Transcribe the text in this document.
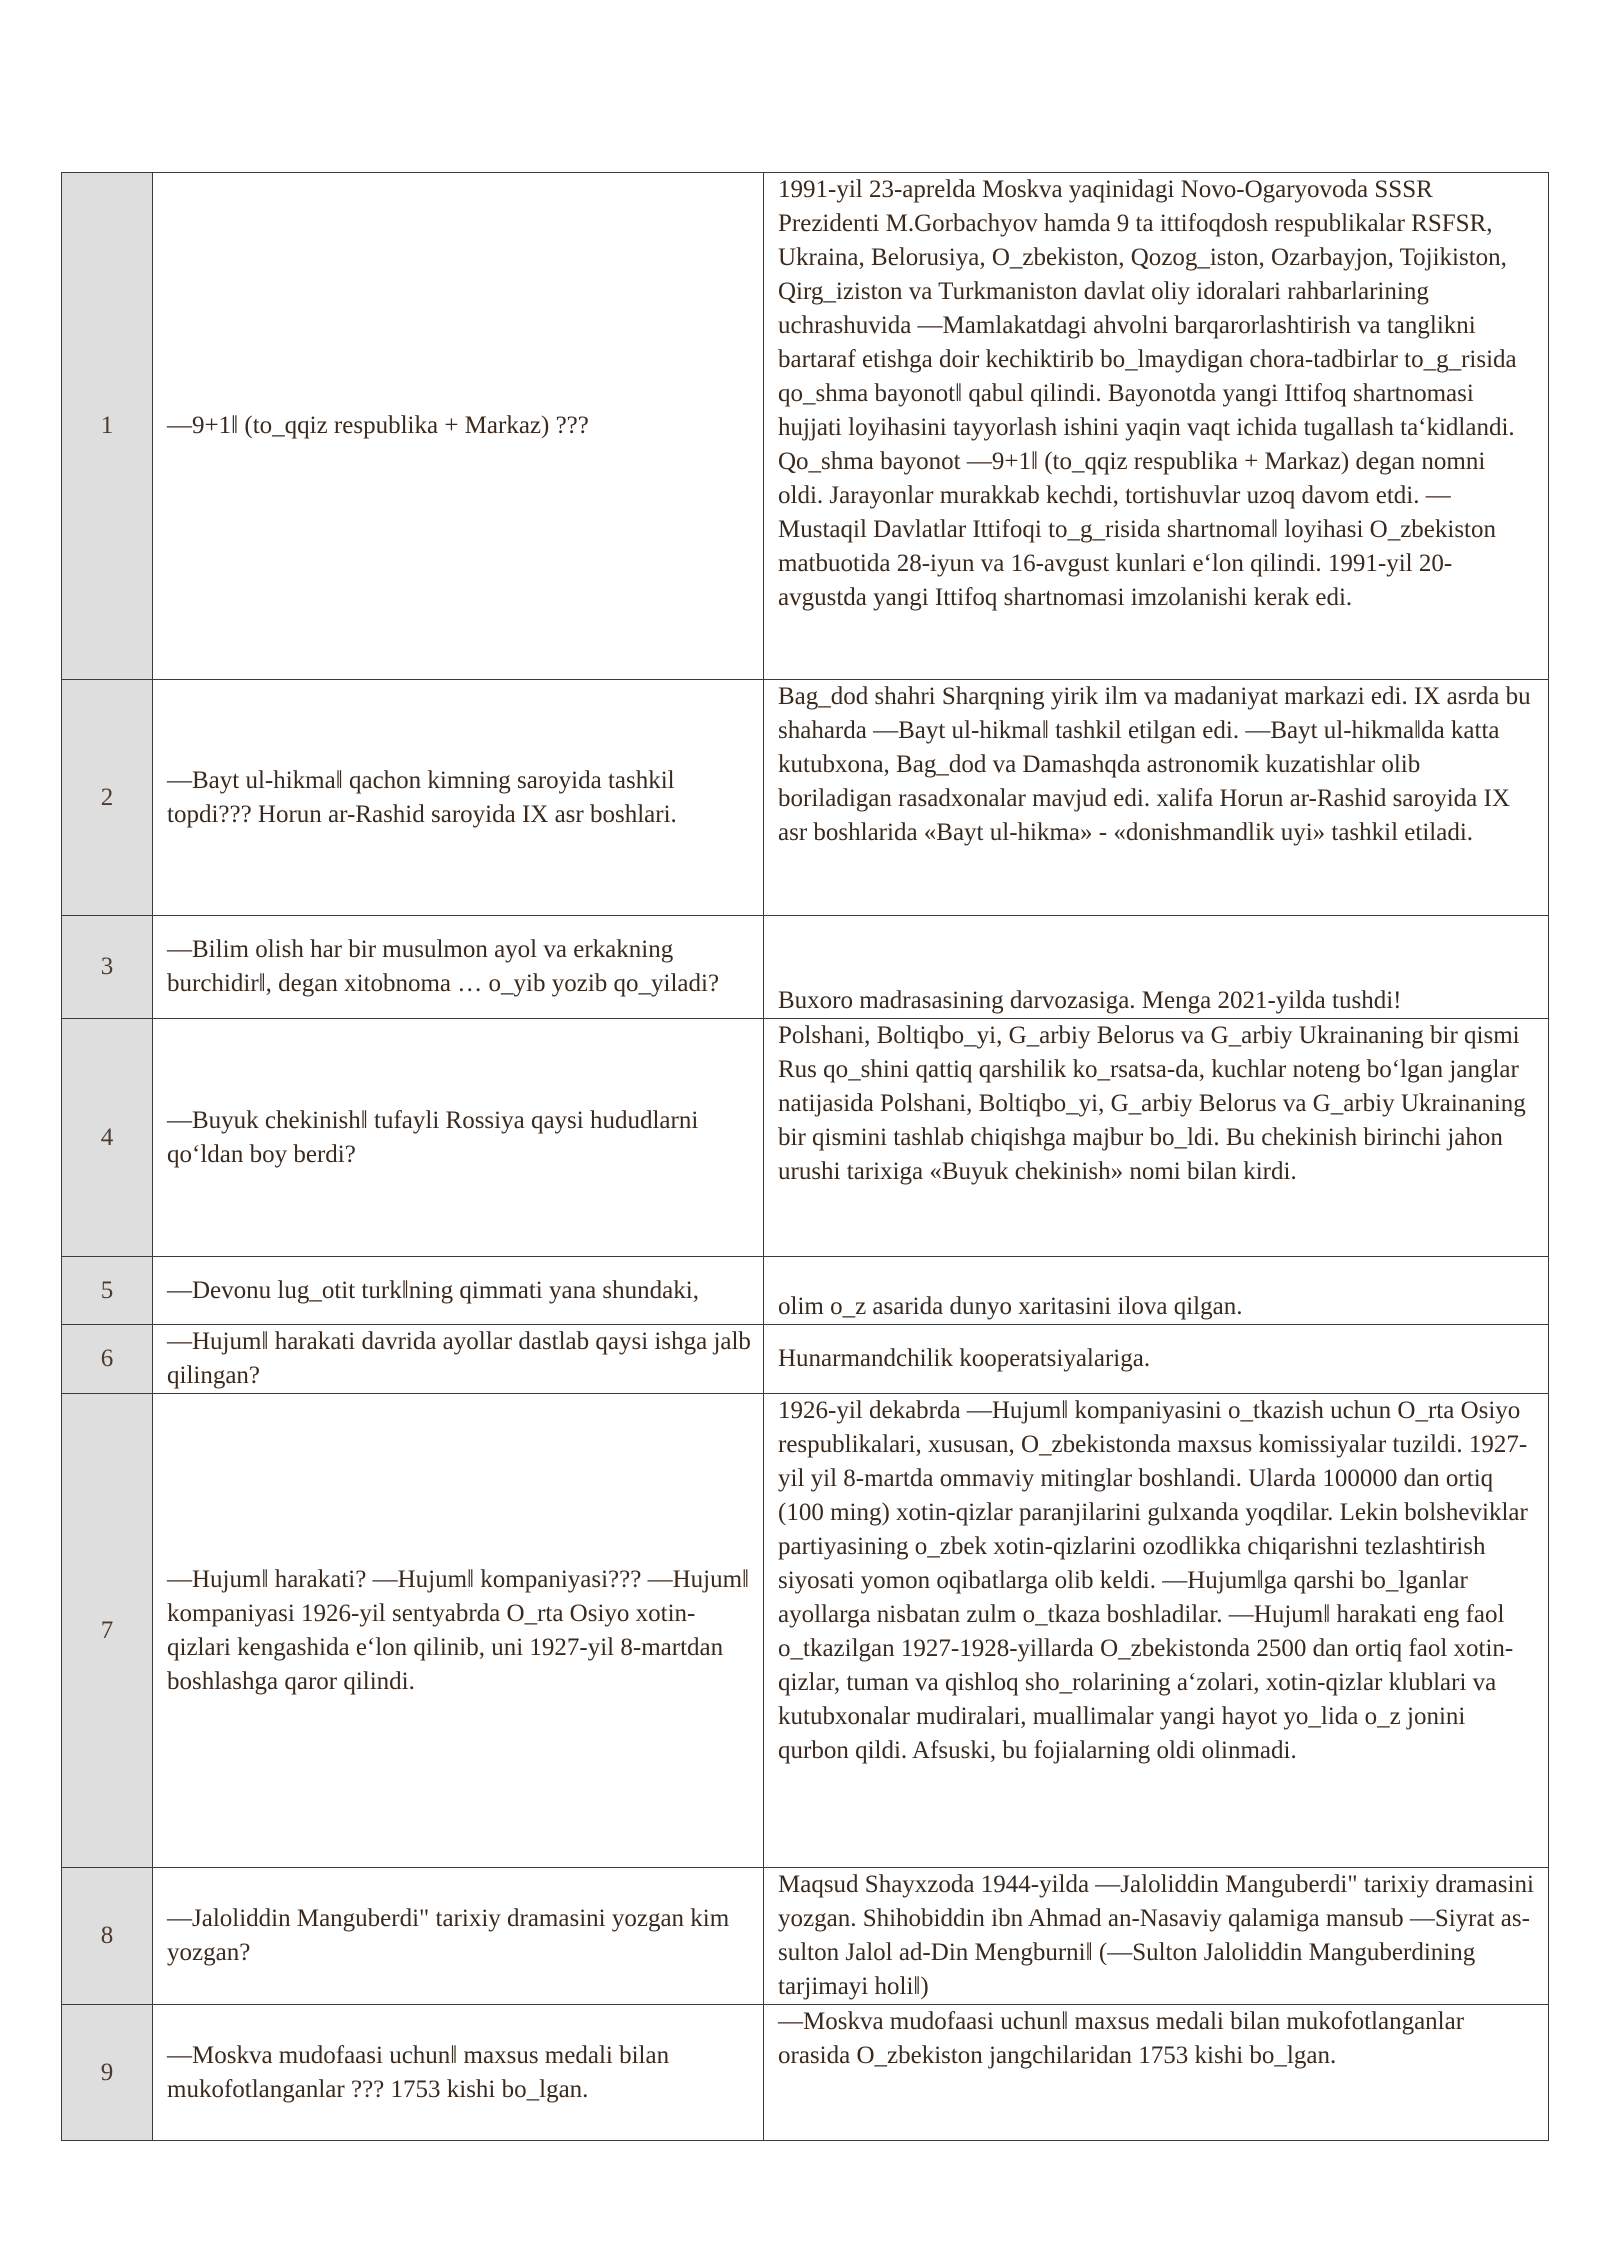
1	—9+1‖ (to_qqiz respublika + Markaz) ???	1991-yil 23-aprelda Moskva yaqinidagi Novo-Ogaryovoda SSSR Prezidenti M.Gorbachyov hamda 9 ta ittifoqdosh respublikalar RSFSR, Ukraina, Belorusiya, O_zbekiston, Qozog_iston, Ozarbayjon, Tojikiston, Qirg_iziston va Turkmaniston davlat oliy idoralari rahbarlarining uchrashuvida —Mamlakatdagi ahvolni barqarorlashtirish va tanglikni bartaraf etishga doir kechiktirib bo_lmaydigan chora-tadbirlar to_g_risida qo_shma bayonot‖ qabul qilindi. Bayonotda yangi Ittifoq shartnomasi hujjati loyihasini tayyorlash ishini yaqin vaqt ichida tugallash taʻkidlandi. Qo_shma bayonot —9+1‖ (to_qqiz respublika + Markaz) degan nomni oldi. Jarayonlar murakkab kechdi, tortishuvlar uzoq davom etdi. —Mustaqil Davlatlar Ittifoqi to_g_risida shartnoma‖ loyihasi O_zbekiston matbuotida 28-iyun va 16-avgust kunlari e‘lon qilindi. 1991-yil 20-avgustda yangi Ittifoq shartnomasi imzolanishi kerak edi.
2	—Bayt ul-hikma‖ qachon kimning saroyida tashkil topdi??? Horun ar-Rashid saroyida IX asr boshlari.	Bag_dod shahri Sharqning yirik ilm va madaniyat markazi edi. IX asrda bu shaharda —Bayt ul-hikma‖ tashkil etilgan edi. —Bayt ul-hikma‖da katta kutubxona, Bag_dod va Damashqda astronomik kuzatishlar olib boriladigan rasadxonalar mavjud edi. xalifa Horun ar-Rashid saroyida IX asr boshlarida «Bayt ul-hikma» - «donishmandlik uyi» tashkil etiladi.
3	—Bilim olish har bir musulmon ayol va erkakning burchidir‖, degan xitobnoma … o_yib yozib qo_yiladi?	Buxoro madrasasining darvozasiga. Menga 2021-yilda tushdi!
4	—Buyuk chekinish‖ tufayli Rossiya qaysi hududlarni qo‘ldan boy berdi?	Polshani, Boltiqbo_yi, G_arbiy Belorus va G_arbiy Ukrainaning bir qismi Rus qo_shini qattiq qarshilik ko_rsatsa-da, kuchlar noteng bo‘lgan janglar natijasida Polshani, Boltiqbo_yi, G_arbiy Belorus va G_arbiy Ukrainaning bir qismini tashlab chiqishga majbur bo_ldi. Bu chekinish birinchi jahon urushi tarixiga «Buyuk chekinish» nomi bilan kirdi.
5	—Devonu lug_otit turk‖ning qimmati yana shundaki,	olim o_z asarida dunyo xaritasini ilova qilgan.
6	—Hujum‖ harakati davrida ayollar dastlab qaysi ishga jalb qilingan?	Hunarmandchilik kooperatsiyalariga.
7	—Hujum‖ harakati? —Hujum‖ kompaniyasi??? —Hujum‖ kompaniyasi 1926-yil sentyabrda O_rta Osiyo xotin-qizlari kengashida e‘lon qilinib, uni 1927-yil 8-martdan boshlashga qaror qilindi.	1926-yil dekabrda —Hujum‖ kompaniyasini o_tkazish uchun O_rta Osiyo respublikalari, xususan, O_zbekistonda maxsus komissiyalar tuzildi. 1927-yil yil 8-martda ommaviy mitinglar boshlandi. Ularda 100000 dan ortiq (100 ming) xotin-qizlar paranjilarini gulxanda yoqdilar. Lekin bolsheviklar partiyasining o_zbek xotin-qizlarini ozodlikka chiqarishni tezlashtirish siyosati yomon oqibatlarga olib keldi. —Hujum‖ga qarshi bo_lganlar ayollarga nisbatan zulm o_tkaza boshladilar. —Hujum‖ harakati eng faol o_tkazilgan 1927-1928-yillarda O_zbekistonda 2500 dan ortiq faol xotin-qizlar, tuman va qishloq sho_rolarining a‘zolari, xotin-qizlar klublari va kutubxonalar mudiralari, muallimalar yangi hayot yo_lida o_z jonini qurbon qildi. Afsuski, bu fojialarning oldi olinmadi.
8	—Jaloliddin Manguberdi" tarixiy dramasini yozgan kim yozgan?	Maqsud Shayxzoda 1944-yilda —Jaloliddin Manguberdi" tarixiy dramasini yozgan. Shihobiddin ibn Ahmad an-Nasaviy qalamiga mansub —Siyrat as-sulton Jalol ad-Din Mengburni‖ (—Sulton Jaloliddin Manguberdining tarjimayi holi‖)
9	—Moskva mudofaasi uchun‖ maxsus medali bilan mukofotlanganlar ??? 1753 kishi bo_lgan.	—Moskva mudofaasi uchun‖ maxsus medali bilan mukofotlanganlar orasida O_zbekiston jangchilaridan 1753 kishi bo_lgan.
